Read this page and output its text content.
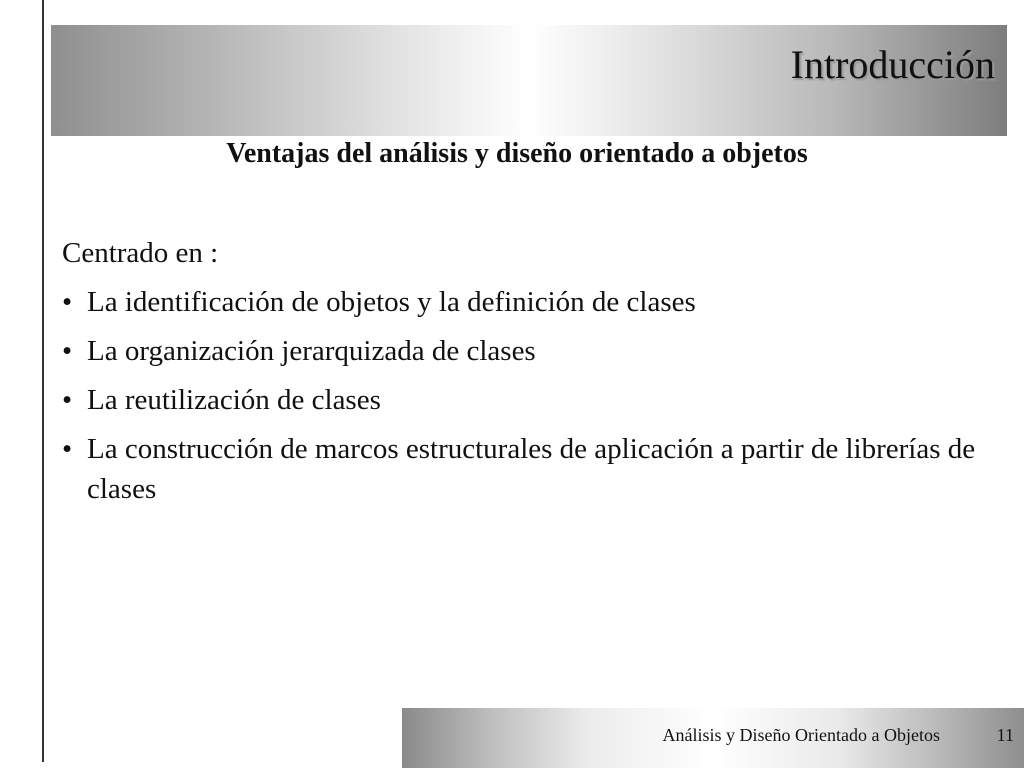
Introducción
Ventajas del análisis y diseño orientado a objetos

Centrado en :

• La identificación de objetos y la definición de clases
• La organización jerarquizada de clases
• La reutilización de clases
• La construcción de marcos estructurales de aplicación a partir de librerías de clases
Análisis y Diseño Orientado a Objetos	11
